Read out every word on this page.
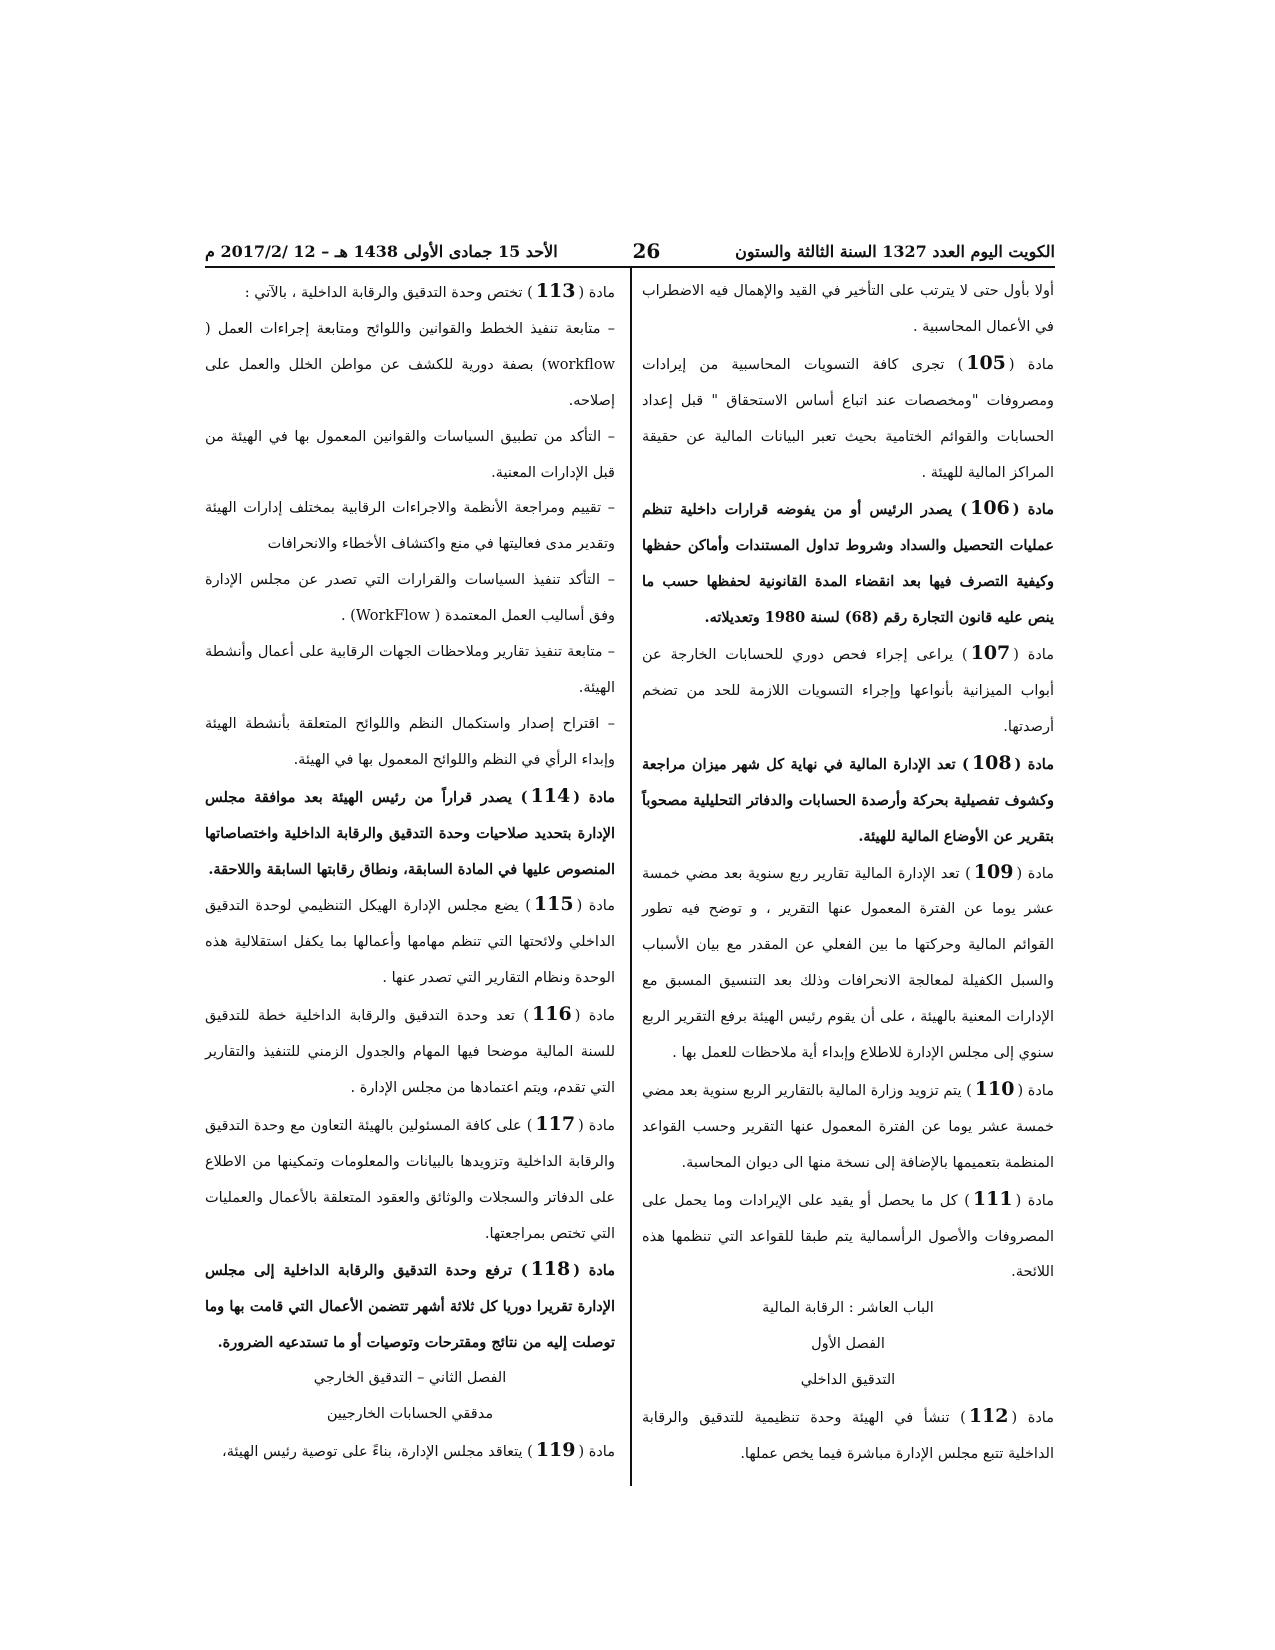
الأحد 15 جمادى الأولى 1438 هـ – 12 /2017/2 م	26	الكويت اليوم العدد 1327 السنة الثالثة والستون

أولا بأول حتى لا يترتب على التأخير في القيد والإهمال فيه الاضطراب في الأعمال المحاسبية .

مادة (105) تجرى كافة التسويات المحاسبية من إيرادات ومصروفات "ومخصصات عند اتباع أساس الاستحقاق " قبل إعداد الحسابات والقوائم الختامية بحيث تعبر البيانات المالية عن حقيقة المراكز المالية للهيئة .

مادة (106) يصدر الرئيس أو من يفوضه قرارات داخلية تنظم عمليات التحصيل والسداد وشروط تداول المستندات وأماكن حفظها وكيفية التصرف فيها بعد انقضاء المدة القانونية لحفظها حسب ما ينص عليه قانون التجارة رقم (68) لسنة 1980 وتعديلاته.

مادة (107) يراعى إجراء فحص دوري للحسابات الخارجة عن أبواب الميزانية بأنواعها وإجراء التسويات اللازمة للحد من تضخم أرصدتها.

مادة (108) تعد الإدارة المالية في نهاية كل شهر ميزان مراجعة وكشوف تفصيلية بحركة وأرصدة الحسابات والدفاتر التحليلية مصحوباً بتقرير عن الأوضاع المالية للهيئة.

مادة (109) تعد الإدارة المالية تقارير ربع سنوية بعد مضي خمسة عشر يوما عن الفترة المعمول عنها التقرير ، و توضح فيه تطور القوائم المالية وحركتها ما بين الفعلي عن المقدر مع بيان الأسباب والسبل الكفيلة لمعالجة الانحرافات وذلك بعد التنسيق المسبق مع الإدارات المعنية بالهيئة ، على أن يقوم رئيس الهيئة برفع التقرير الربع سنوي إلى مجلس الإدارة للاطلاع وإبداء أية ملاحظات للعمل بها .

مادة (110) يتم تزويد وزارة المالية بالتقارير الربع سنوية بعد مضي خمسة عشر يوما عن الفترة المعمول عنها التقرير وحسب القواعد المنظمة بتعميمها بالإضافة إلى نسخة منها الى ديوان المحاسبة.

مادة (111) كل ما يحصل أو يقيد على الإيرادات وما يحمل على المصروفات والأصول الرأسمالية يتم طبقا للقواعد التي تنظمها هذه اللائحة.

الباب العاشر : الرقابة المالية

الفصل الأول

التدقيق الداخلي

مادة (112) تنشأ في الهيئة وحدة تنظيمية للتدقيق والرقابة الداخلية تتبع مجلس الإدارة مباشرة فيما يخص عملها.

مادة (113) تختص وحدة التدقيق والرقابة الداخلية ، بالآتي :

– متابعة تنفيذ الخطط والقوانين واللوائح ومتابعة إجراءات العمل ( workflow) بصفة دورية للكشف عن مواطن الخلل والعمل على إصلاحه.

– التأكد من تطبيق السياسات والقوانين المعمول بها في الهيئة من قبل الإدارات المعنية.

– تقييم ومراجعة الأنظمة والاجراءات الرقابية بمختلف إدارات الهيئة وتقدير مدى فعاليتها في منع واكتشاف الأخطاء والانحرافات

– التأكد تنفيذ السياسات والقرارات التي تصدر عن مجلس الإدارة وفق أساليب العمل المعتمدة ( WorkFlow) .

– متابعة تنفيذ تقارير وملاحظات الجهات الرقابية على أعمال وأنشطة الهيئة.

– اقتراح إصدار واستكمال النظم واللوائح المتعلقة بأنشطة الهيئة وإبداء الرأي في النظم واللوائح المعمول بها في الهيئة.

مادة (114) يصدر قراراً من رئيس الهيئة بعد موافقة مجلس الإدارة بتحديد صلاحيات وحدة التدقيق والرقابة الداخلية واختصاصاتها المنصوص عليها في المادة السابقة، ونطاق رقابتها السابقة واللاحقة.

مادة (115) يضع مجلس الإدارة الهيكل التنظيمي لوحدة التدقيق الداخلي ولائحتها التي تنظم مهامها وأعمالها بما يكفل استقلالية هذه الوحدة ونظام التقارير التي تصدر عنها .

مادة (116) تعد وحدة التدقيق والرقابة الداخلية خطة للتدقيق للسنة المالية موضحا فيها المهام والجدول الزمني للتنفيذ والتقارير التي تقدم، ويتم اعتمادها من مجلس الإدارة .

مادة (117) على كافة المسئولين بالهيئة التعاون مع وحدة التدقيق والرقابة الداخلية وتزويدها بالبيانات والمعلومات وتمكينها من الاطلاع على الدفاتر والسجلات والوثائق والعقود المتعلقة بالأعمال والعمليات التي تختص بمراجعتها.

مادة (118) ترفع وحدة التدقيق والرقابة الداخلية إلى مجلس الإدارة تقريرا دوريا كل ثلاثة أشهر تتضمن الأعمال التي قامت بها وما توصلت إليه من نتائج ومقترحات وتوصيات أو ما تستدعيه الضرورة.

الفصل الثاني – التدقيق الخارجي

مدققي الحسابات الخارجيين

مادة (119) يتعاقد مجلس الإدارة، بناءً على توصية رئيس الهيئة،
